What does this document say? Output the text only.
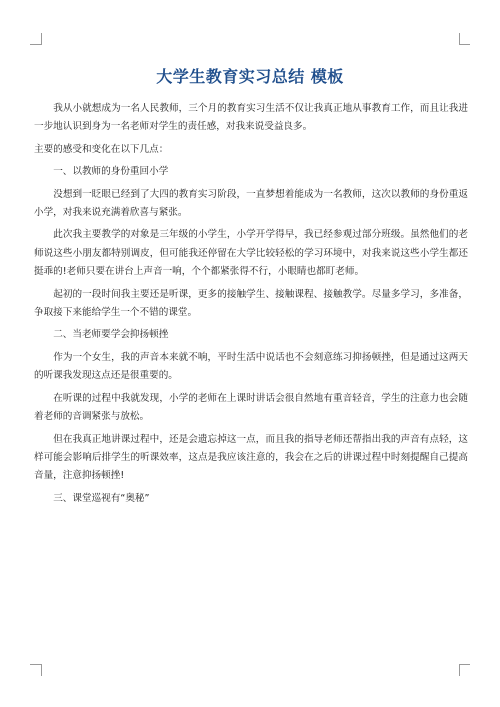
大学生教育实习总结 模板

我从小就想成为一名人民教师，三个月的教育实习生活不仅让我真正地从事教育工作，而且让我进一步地认识到身为一名老师对学生的责任感，对我来说受益良多。

主要的感受和变化在以下几点：

一、以教师的身份重回小学

没想到一眨眼已经到了大四的教育实习阶段，一直梦想着能成为一名教师，这次以教师的身份重返小学，对我来说充满着欣喜与紧张。

此次我主要教学的对象是三年级的小学生，小学开学得早，我已经参观过部分班级。虽然他们的老师说这些小朋友都特别调皮，但可能我还停留在大学比较轻松的学习环境中，对我来说这些小学生都还挺乖的!老师只要在讲台上声音一响，个个都紧张得不行，小眼睛也都盯老师。

起初的一段时间我主要还是听课，更多的接触学生、接触课程、接触教学。尽量多学习，多准备，争取接下来能给学生一个不错的课堂。

二、当老师要学会抑扬顿挫

作为一个女生，我的声音本来就不响，平时生活中说话也不会刻意练习抑扬顿挫，但是通过这两天的听课我发现这点还是很重要的。

在听课的过程中我就发现，小学的老师在上课时讲话会很自然地有重音轻音，学生的注意力也会随着老师的音调紧张与放松。

但在我真正地讲课过程中，还是会遗忘掉这一点，而且我的指导老师还帮指出我的声音有点轻，这样可能会影响后排学生的听课效率，这点是我应该注意的，我会在之后的讲课过程中时刻提醒自己提高音量，注意抑扬顿挫!

三、课堂巡视有“奥秘”
